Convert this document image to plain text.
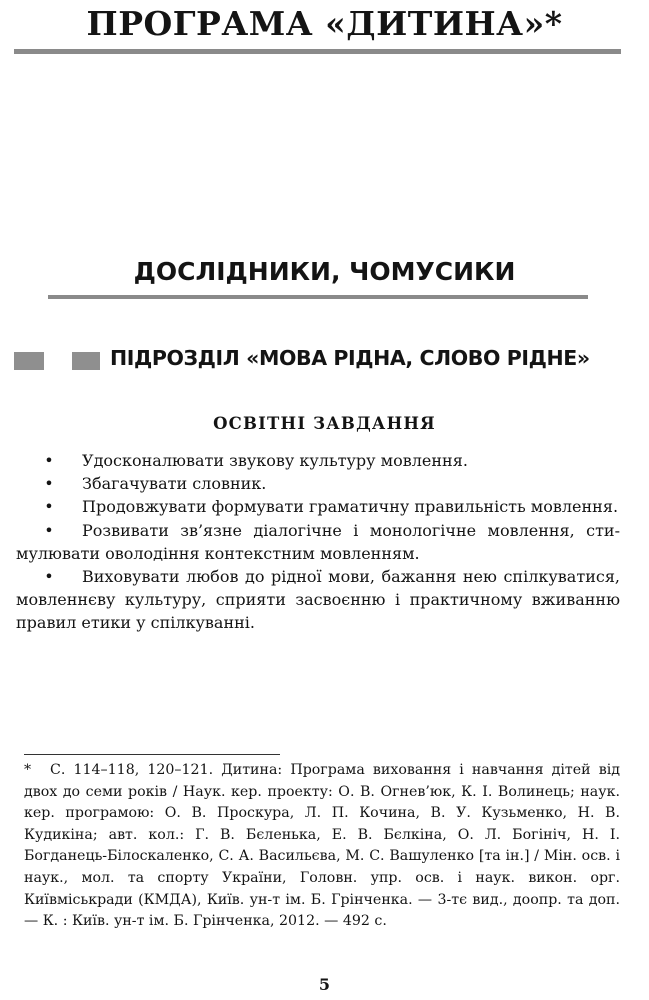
ПРОГРАМА «ДИТИНА»*
ДОСЛІДНИКИ, ЧОМУСИКИ
ПІДРОЗДІЛ «МОВА РІДНА, СЛОВО РІДНЕ»
ОСВІТНІ ЗАВДАННЯ

• Удосконалювати звукову культуру мовлення.

• Збагачувати словник.

• Продовжувати формувати граматичну правильність мовлення.

• Розвивати зв’язне діалогічне і монологічне мовлення, стимулювати оволодіння контекстним мовленням.

• Виховувати любов до рідної мови, бажання нею спілкуватися, мовленнєву культуру, сприяти засвоєнню і практичному вживанню правил етики у спілкуванні.

* С. 114–118, 120–121. Дитина: Програма виховання і навчання дітей від двох до семи років / Наук. кер. проекту: О. В. Огнев’юк, К. І. Волинець; наук. кер. програмою: О. В. Проскура, Л. П. Кочина, В. У. Кузьменко, Н. В. Кудикіна; авт. кол.: Г. В. Бєленька, Е. В. Бєлкіна, О. Л. Богініч, Н. І. Богданець-Білоскаленко, С. А. Васильєва, М. С. Вашуленко [та ін.] / Мін. осв. і наук., мол. та спорту України, Головн. упр. осв. і наук. викон. орг. Київміськради (КМДА), Київ. ун-т ім. Б. Грінченка. — 3-тє вид., доопр. та доп. — К. : Київ. ун-т ім. Б. Грінченка, 2012. — 492 с.
5
